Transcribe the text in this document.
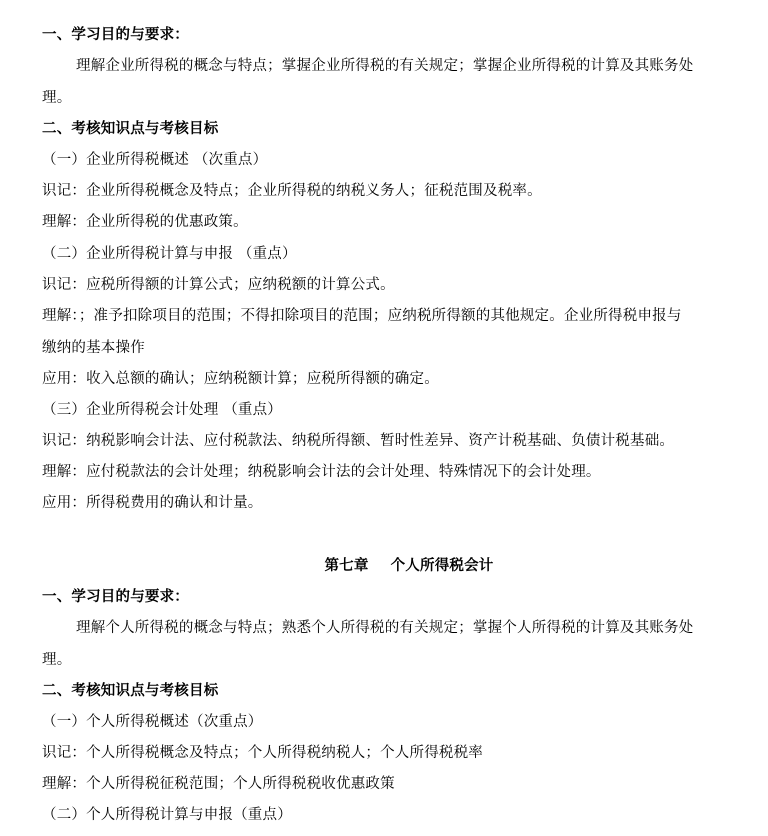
一、学习目的与要求：
理解企业所得税的概念与特点；掌握企业所得税的有关规定；掌握企业所得税的计算及其账务处
理。
二、考核知识点与考核目标
（一）企业所得税概述 （次重点）
识记：企业所得税概念及特点；企业所得税的纳税义务人；征税范围及税率。
理解：企业所得税的优惠政策。
（二）企业所得税计算与申报 （重点）
识记：应税所得额的计算公式；应纳税额的计算公式。
理解：；准予扣除项目的范围；不得扣除项目的范围；应纳税所得额的其他规定。企业所得税申报与
缴纳的基本操作
应用：收入总额的确认；应纳税额计算；应税所得额的确定。
（三）企业所得税会计处理 （重点）
识记：纳税影响会计法、应付税款法、纳税所得额、暂时性差异、资产计税基础、负债计税基础。
理解：应付税款法的会计处理；纳税影响会计法的会计处理、特殊情况下的会计处理。
应用：所得税费用的确认和计量。
第七章 个人所得税会计
一、学习目的与要求：
理解个人所得税的概念与特点；熟悉个人所得税的有关规定；掌握个人所得税的计算及其账务处
理。
二、考核知识点与考核目标
（一）个人所得税概述（次重点）
识记：个人所得税概念及特点；个人所得税纳税人；个人所得税税率
理解：个人所得税征税范围；个人所得税税收优惠政策
（二）个人所得税计算与申报（重点）
